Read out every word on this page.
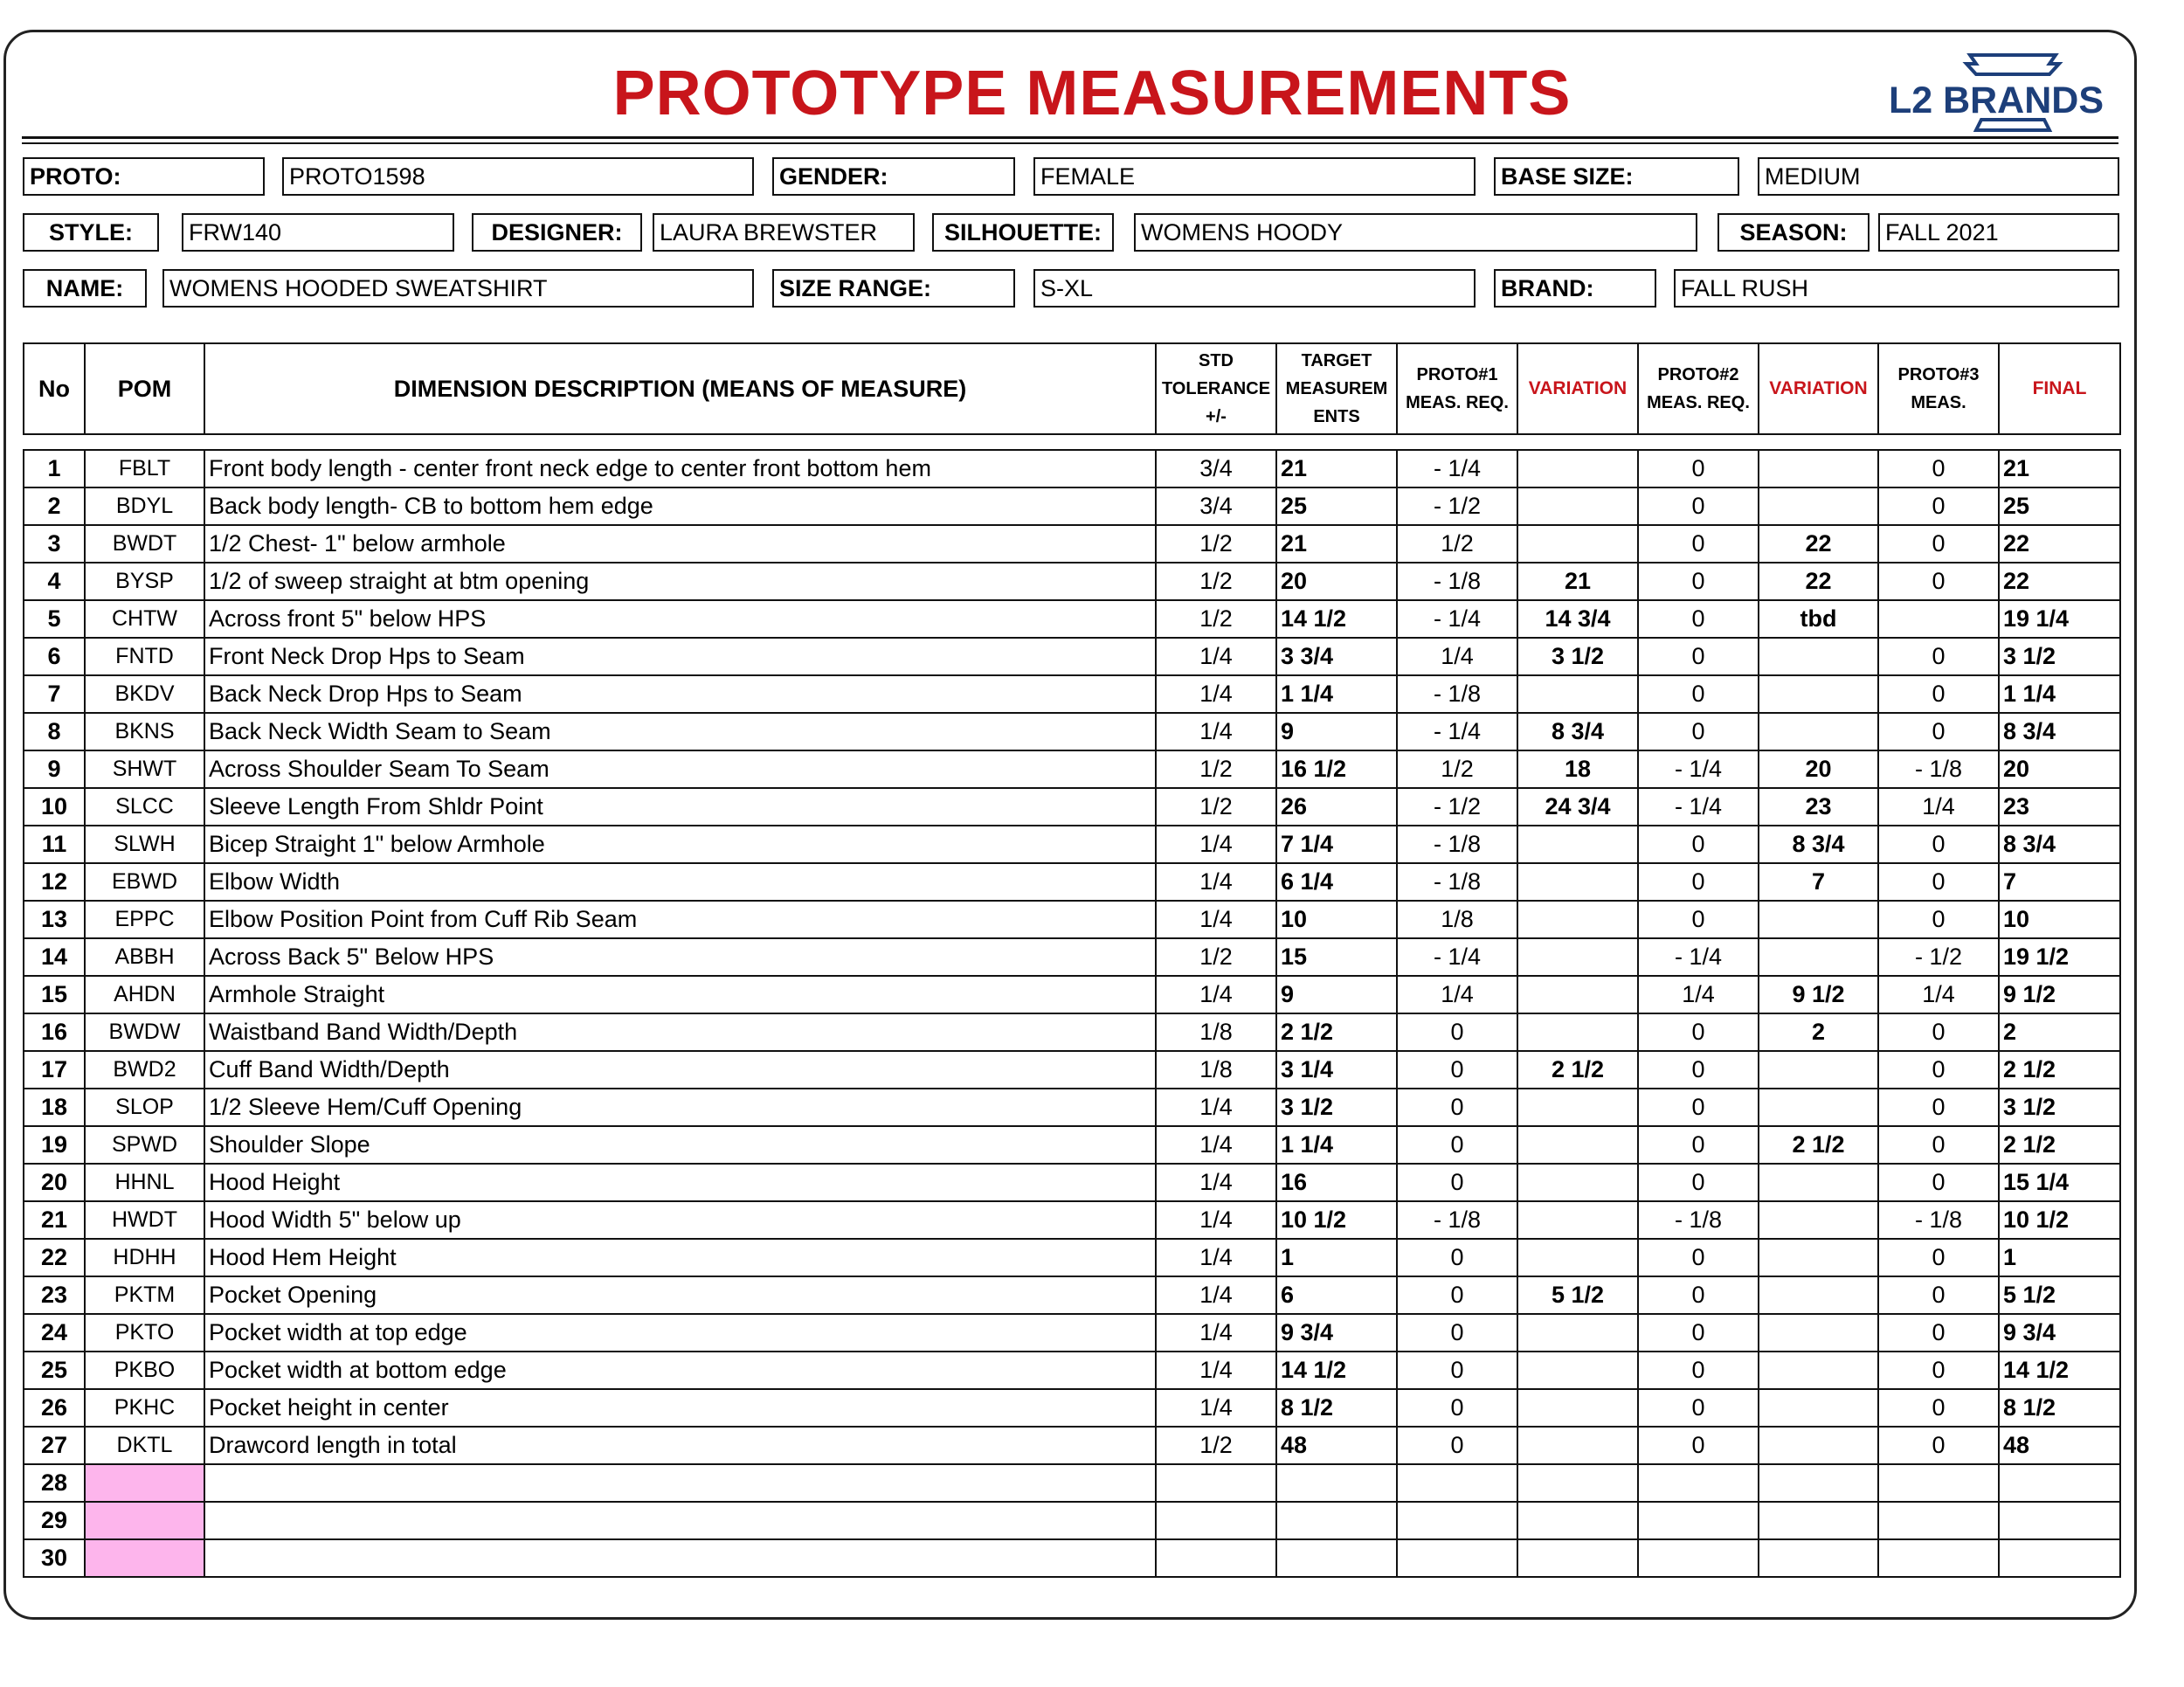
PROTOTYPE MEASUREMENTS	L2 BRANDS
PROTO:	PROTO1598	GENDER:	FEMALE	BASE SIZE:	MEDIUM
STYLE:	FRW140	DESIGNER:	LAURA BREWSTER	SILHOUETTE:	WOMENS HOODY	SEASON:	FALL 2021
NAME:	WOMENS HOODED SWEATSHIRT	SIZE RANGE:	S-XL	BRAND:	FALL RUSH
No	POM	DIMENSION DESCRIPTION (MEANS OF MEASURE)	STD TOLERANCE +/-	TARGET MEASUREM ENTS	PROTO#1 MEAS. REQ.	VARIATION	PROTO#2 MEAS. REQ.	VARIATION	PROTO#3 MEAS.	FINAL

1	FBLT	Front body length - center front neck edge to center front bottom hem	3/4	21	- 1/4		0		0	21
2	BDYL	Back body length- CB to bottom hem edge	3/4	25	- 1/2		0		0	25
3	BWDT	1/2 Chest- 1" below armhole	1/2	21	1/2		0	22	0	22
4	BYSP	1/2 of sweep straight at btm opening	1/2	20	- 1/8	21	0	22	0	22
5	CHTW	Across front 5" below HPS	1/2	14 1/2	- 1/4	14 3/4	0	tbd		19 1/4
6	FNTD	Front Neck Drop Hps to Seam	1/4	3 3/4	1/4	3 1/2	0		0	3 1/2
7	BKDV	Back Neck Drop Hps to Seam	1/4	1 1/4	- 1/8		0		0	1 1/4
8	BKNS	Back Neck Width Seam to Seam	1/4	9	- 1/4	8 3/4	0		0	8 3/4
9	SHWT	Across Shoulder Seam To Seam	1/2	16 1/2	1/2	18	- 1/4	20	- 1/8	20
10	SLCC	Sleeve Length From Shldr Point	1/2	26	- 1/2	24 3/4	- 1/4	23	1/4	23
11	SLWH	Bicep Straight 1" below Armhole	1/4	7 1/4	- 1/8		0	8 3/4	0	8 3/4
12	EBWD	Elbow Width	1/4	6 1/4	- 1/8		0	7	0	7
13	EPPC	Elbow Position Point from Cuff Rib Seam	1/4	10	1/8		0		0	10
14	ABBH	Across Back 5" Below HPS	1/2	15	- 1/4		- 1/4		- 1/2	19 1/2
15	AHDN	Armhole Straight	1/4	9	1/4		1/4	9 1/2	1/4	9 1/2
16	BWDW	Waistband Band Width/Depth	1/8	2 1/2	0		0	2	0	2
17	BWD2	Cuff Band Width/Depth	1/8	3 1/4	0	2 1/2	0		0	2 1/2
18	SLOP	1/2 Sleeve Hem/Cuff Opening	1/4	3 1/2	0		0		0	3 1/2
19	SPWD	Shoulder Slope	1/4	1 1/4	0		0	2 1/2	0	2 1/2
20	HHNL	Hood Height	1/4	16	0		0		0	15 1/4
21	HWDT	Hood Width 5" below up	1/4	10 1/2	- 1/8		- 1/8		- 1/8	10 1/2
22	HDHH	Hood Hem Height	1/4	1	0		0		0	1
23	PKTM	Pocket Opening	1/4	6	0	5 1/2	0		0	5 1/2
24	PKTO	Pocket width at top edge	1/4	9 3/4	0		0		0	9 3/4
25	PKBO	Pocket width at bottom edge	1/4	14 1/2	0		0		0	14 1/2
26	PKHC	Pocket height in center	1/4	8 1/2	0		0		0	8 1/2
27	DKTL	Drawcord length in total	1/2	48	0		0		0	48
28										
29										
30										
